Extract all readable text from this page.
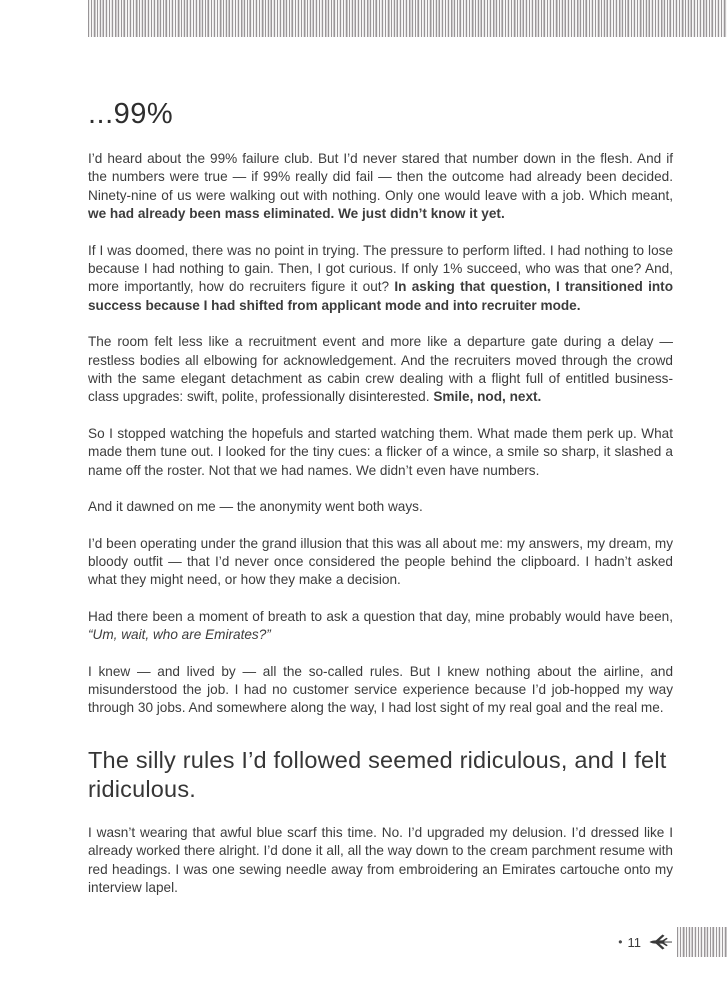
...99%

I’d heard about the 99% failure club. But I’d never stared that number down in the flesh. And if the numbers were true — if 99% really did fail — then the outcome had already been decided. Ninety-nine of us were walking out with nothing. Only one would leave with a job. Which meant, we had already been mass eliminated. We just didn’t know it yet.

If I was doomed, there was no point in trying. The pressure to perform lifted. I had nothing to lose because I had nothing to gain. Then, I got curious. If only 1% succeed, who was that one? And, more importantly, how do recruiters figure it out? In asking that question, I transitioned into success because I had shifted from applicant mode and into recruiter mode.

The room felt less like a recruitment event and more like a departure gate during a delay — restless bodies all elbowing for acknowledgement. And the recruiters moved through the crowd with the same elegant detachment as cabin crew dealing with a flight full of entitled business-class upgrades: swift, polite, professionally disinterested. Smile, nod, next.

So I stopped watching the hopefuls and started watching them. What made them perk up. What made them tune out. I looked for the tiny cues: a flicker of a wince, a smile so sharp, it slashed a name off the roster. Not that we had names. We didn’t even have numbers.

And it dawned on me — the anonymity went both ways.

I’d been operating under the grand illusion that this was all about me: my answers, my dream, my bloody outfit — that I’d never once considered the people behind the clipboard. I hadn’t asked what they might need, or how they make a decision.

Had there been a moment of breath to ask a question that day, mine probably would have been, “Um, wait, who are Emirates?”

I knew — and lived by — all the so-called rules. But I knew nothing about the airline, and misunderstood the job. I had no customer service experience because I’d job-hopped my way through 30 jobs. And somewhere along the way, I had lost sight of my real goal and the real me.

The silly rules I’d followed seemed ridiculous, and I felt ridiculous.

I wasn’t wearing that awful blue scarf this time. No. I’d upgraded my delusion. I’d dressed like I already worked there alright. I’d done it all, all the way down to the cream parchment resume with red headings. I was one sewing needle away from embroidering an Emirates cartouche onto my interview lapel.

• 11
